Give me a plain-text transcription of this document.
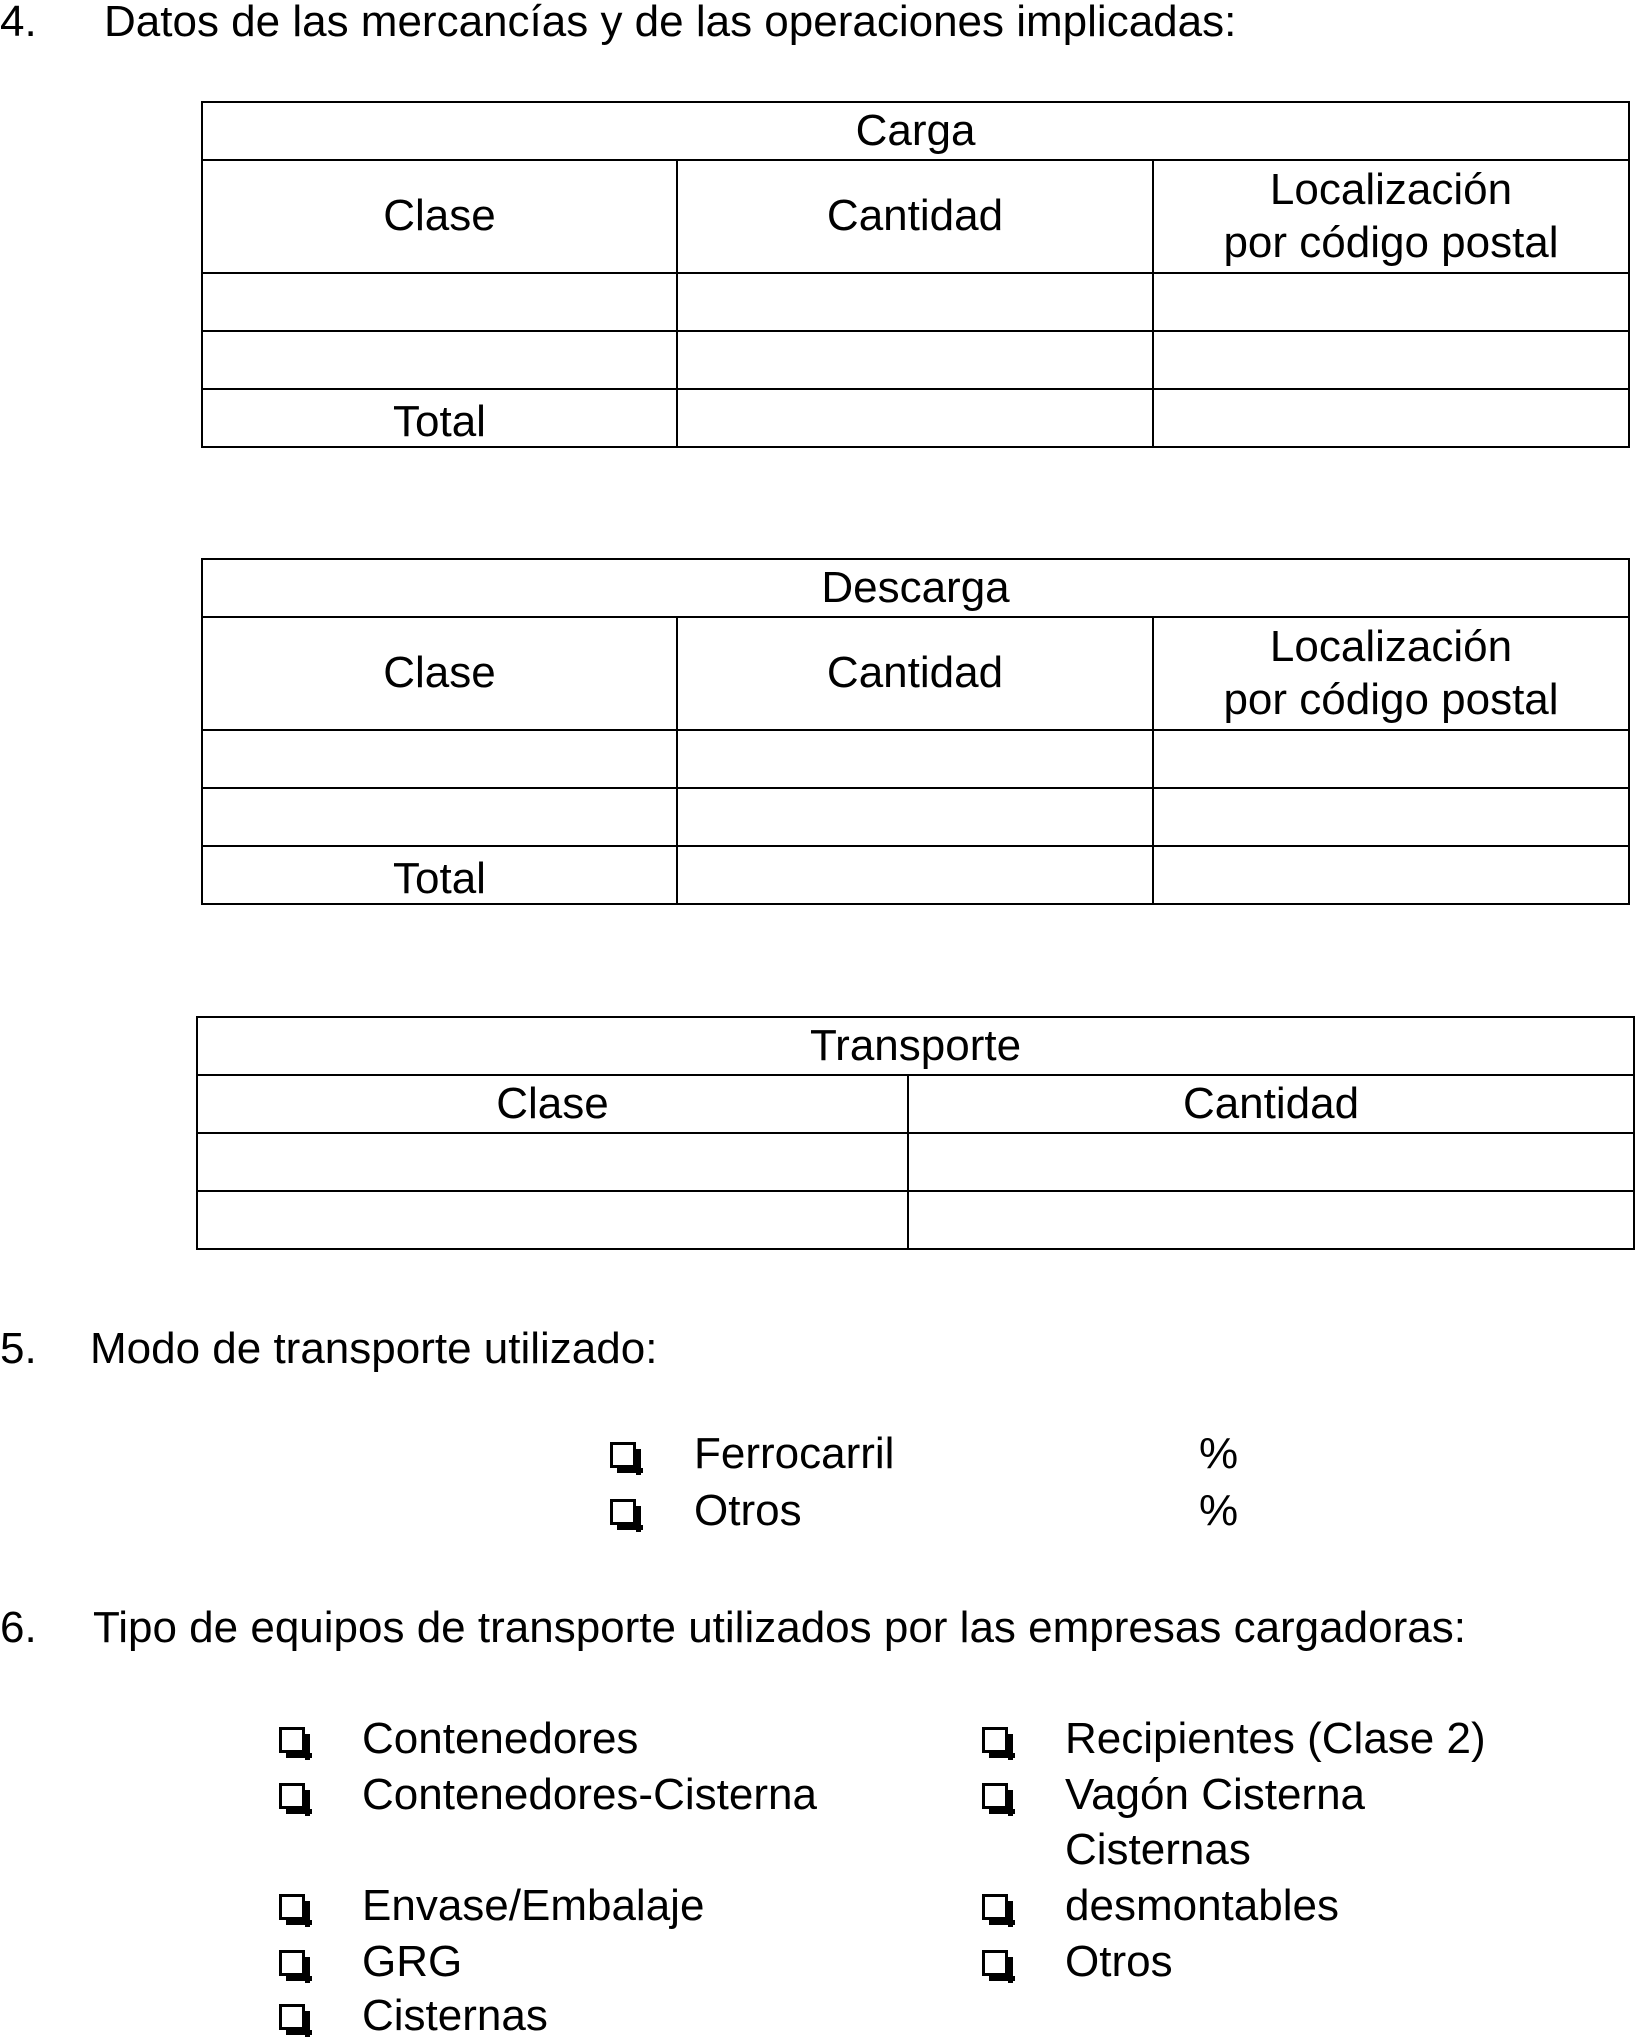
4. Datos de las mercancías y de las operaciones implicadas:
Carga		
Clase	Cantidad	Localización
por código postal

Total		
Descarga		
Clase	Cantidad	Localización
por código postal

Total		
Transporte	
Clase	Cantidad

5. Modo de transporte utilizado:
Ferrocarril	%
Otros	%
6. Tipo de equipos de transporte utilizados por las empresas cargadoras:
Contenedores
Contenedores-Cisterna
Envase/Embalaje
GRG
Cisternas
Recipientes (Clase 2)
Vagón Cisterna
Cisternas
desmontables
Otros
